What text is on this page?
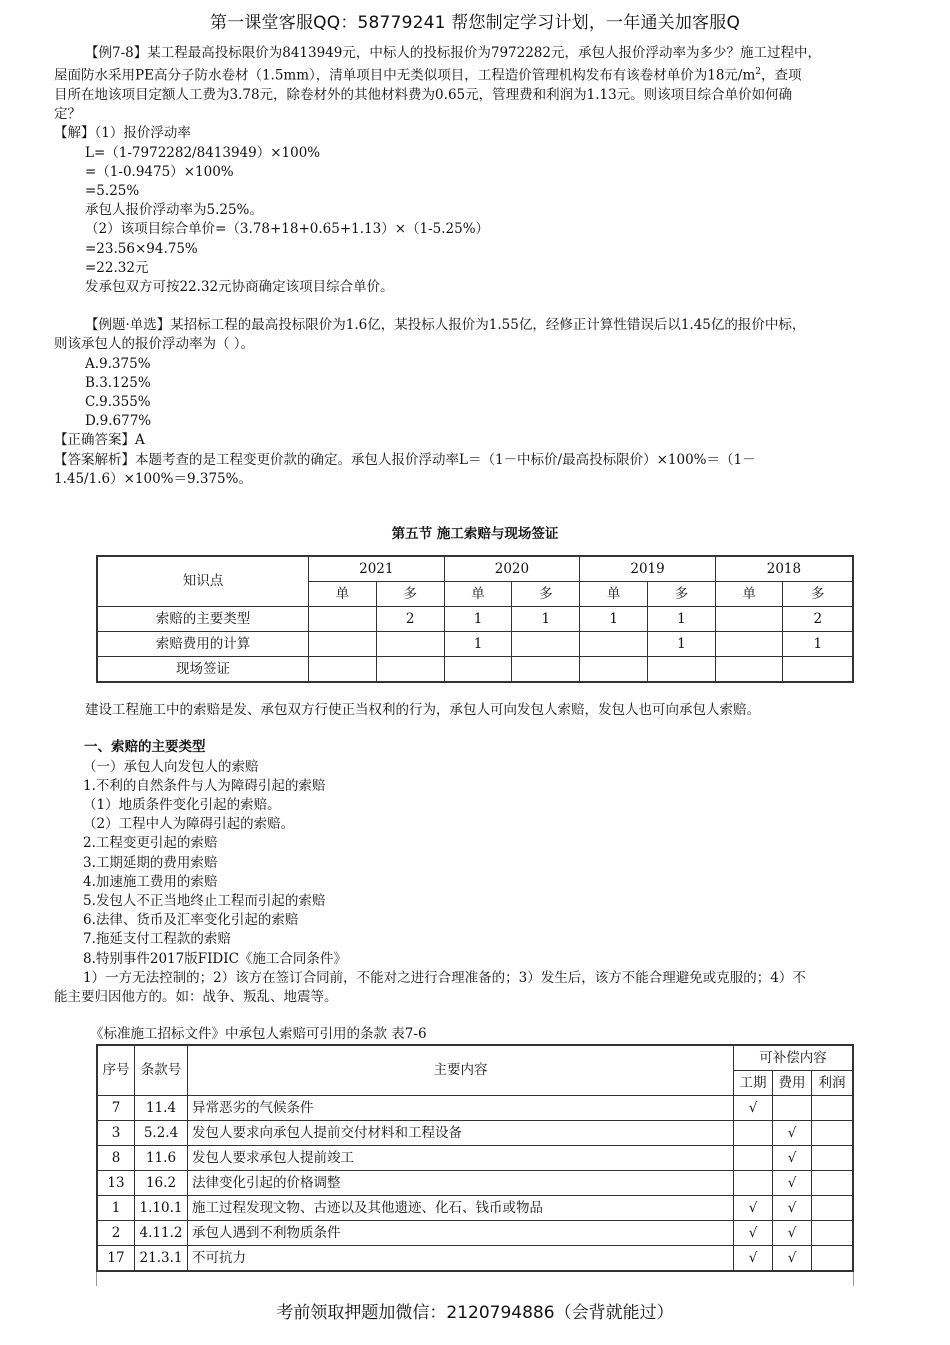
第一课堂客服QQ：58779241 帮您制定学习计划，一年通关加客服Q

【例7-8】某工程最高投标限价为8413949元，中标人的投标报价为7972282元，承包人报价浮动率为多少？施工过程中，

屋面防水采用PE高分子防水卷材（1.5mm），清单项目中无类似项目，工程造价管理机构发布有该卷材单价为18元$/m^2$，查项

目所在地该项目定额人工费为3.78元，除卷材外的其他材料费为0.65元，管理费和利润为1.13元。则该项目综合单价如何确

定？

【解】（1）报价浮动率

L=（1-7972282/8413949）×100%

=（1-0.9475）×100%

=5.25%

承包人报价浮动率为5.25%。

（2）该项目综合单价=（3.78+18+0.65+1.13）×（1-5.25%）

=23.56×94.75%

=22.32元

发承包双方可按22.32元协商确定该项目综合单价。

【例题·单选】某招标工程的最高投标限价为1.6亿，某投标人报价为1.55亿，经修正计算性错误后以1.45亿的报价中标，

则该承包人的报价浮动率为（ ）。

A.9.375%

B.3.125%

C.9.355%

D.9.677%

【正确答案】A

【答案解析】本题考查的是工程变更价款的确定。承包人报价浮动率L＝（1－中标价/最高投标限价）×100%＝（1－

1.45/1.6）×100%＝9.375%。

第五节 施工索赔与现场签证

知识点	2021		2020		2019		2018	
	单	多	单	多	单	多	单	多
索赔的主要类型		2	1	1	1	1		2
索赔费用的计算			1			1		1
现场签证								

建设工程施工中的索赔是发、承包双方行使正当权利的行为，承包人可向发包人索赔，发包人也可向承包人索赔。

一、索赔的主要类型

（一）承包人向发包人的索赔

1.不利的自然条件与人为障碍引起的索赔

（1）地质条件变化引起的索赔。

（2）工程中人为障碍引起的索赔。

2.工程变更引起的索赔

3.工期延期的费用索赔

4.加速施工费用的索赔

5.发包人不正当地终止工程而引起的索赔

6.法律、货币及汇率变化引起的索赔

7.拖延支付工程款的索赔

8.特别事件2017版FIDIC《施工合同条件》

1）一方无法控制的；2）该方在签订合同前，不能对之进行合理准备的；3）发生后，该方不能合理避免或克服的；4）不

能主要归因他方的。如：战争、叛乱、地震等。

《标准施工招标文件》中承包人索赔可引用的条款 表7-6

序号	条款号	主要内容	可补偿内容		
			工期	费用	利润
7	11.4	异常恶劣的气候条件	√		
3	5.2.4	发包人要求向承包人提前交付材料和工程设备		√	
8	11.6	发包人要求承包人提前竣工		√	
13	16.2	法律变化引起的价格调整		√	
1	1.10.1	施工过程发现文物、古迹以及其他遗迹、化石、钱币或物品	√	√	
2	4.11.2	承包人遇到不利物质条件	√	√	
17	21.3.1	不可抗力	√	√	
考前领取押题加微信：2120794886（会背就能过）
